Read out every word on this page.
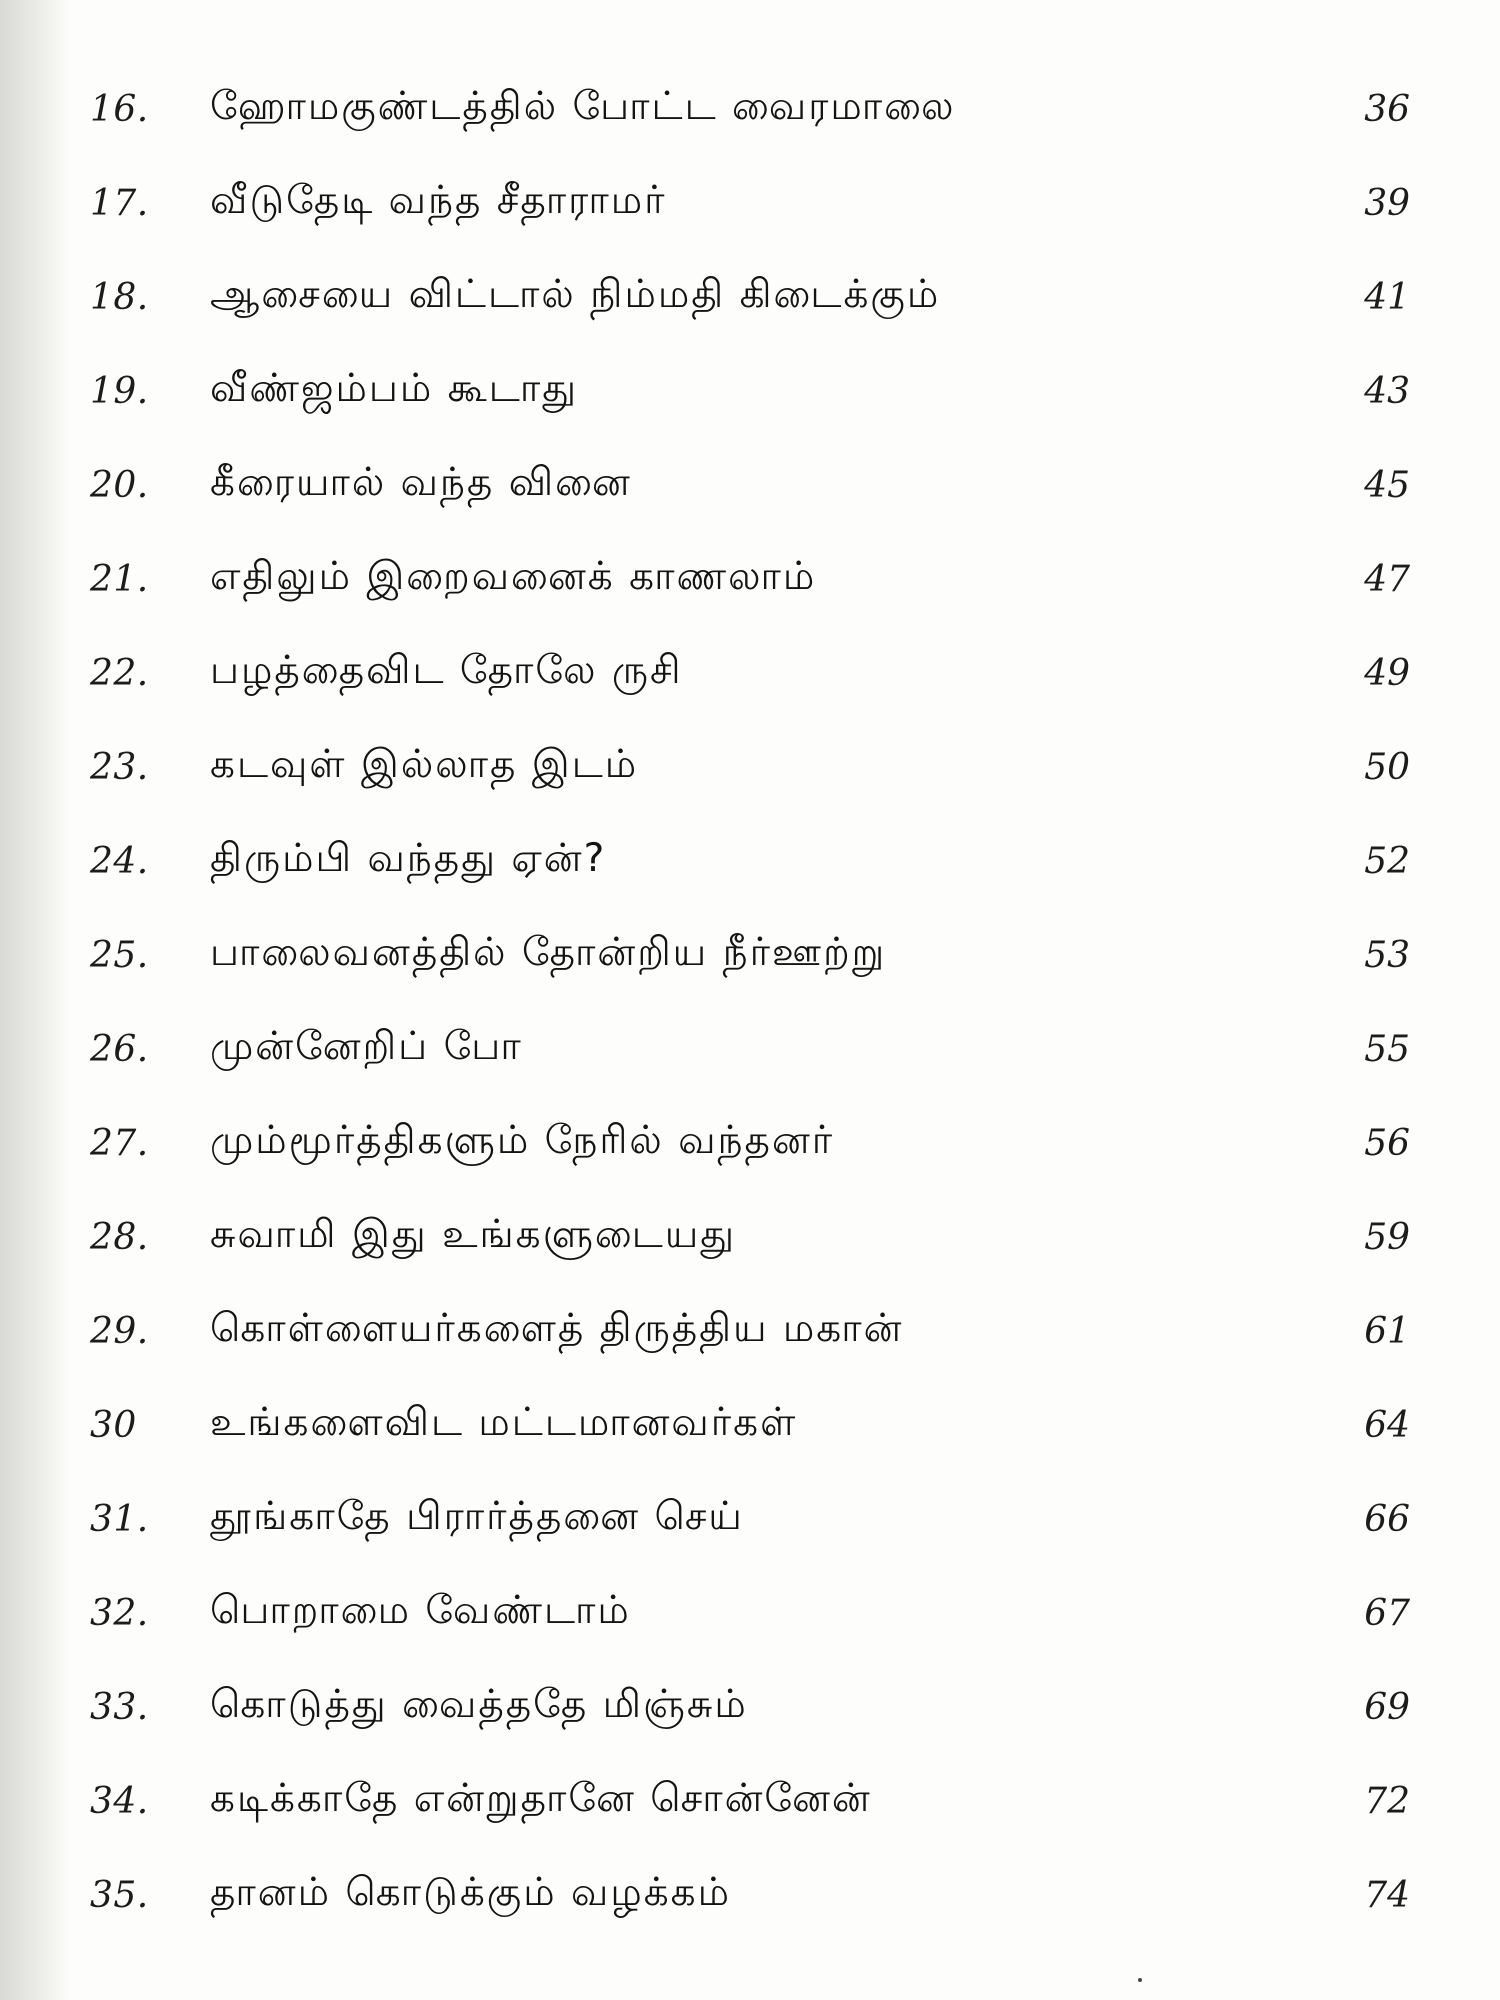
16.	ஹோமகுண்டத்தில் போட்ட வைரமாலை	36
17.	வீடுதேடி வந்த சீதாராமர்	39
18.	ஆசையை விட்டால் நிம்மதி கிடைக்கும்	41
19.	வீண்ஜம்பம் கூடாது	43
20.	கீரையால் வந்த வினை	45
21.	எதிலும் இறைவனைக் காணலாம்	47
22.	பழத்தைவிட தோலே ருசி	49
23.	கடவுள் இல்லாத இடம்	50
24.	திரும்பி வந்தது ஏன்?	52
25.	பாலைவனத்தில் தோன்றிய நீர்ஊற்று	53
26.	முன்னேறிப் போ	55
27.	மும்மூர்த்திகளும் நேரில் வந்தனர்	56
28.	சுவாமி இது உங்களுடையது	59
29.	கொள்ளையர்களைத் திருத்திய மகான்	61
30	உங்களைவிட மட்டமானவர்கள்	64
31.	தூங்காதே பிரார்த்தனை செய்	66
32.	பொறாமை வேண்டாம்	67
33.	கொடுத்து வைத்ததே மிஞ்சும்	69
34.	கடிக்காதே என்றுதானே சொன்னேன்	72
35.	தானம் கொடுக்கும் வழக்கம்	74
